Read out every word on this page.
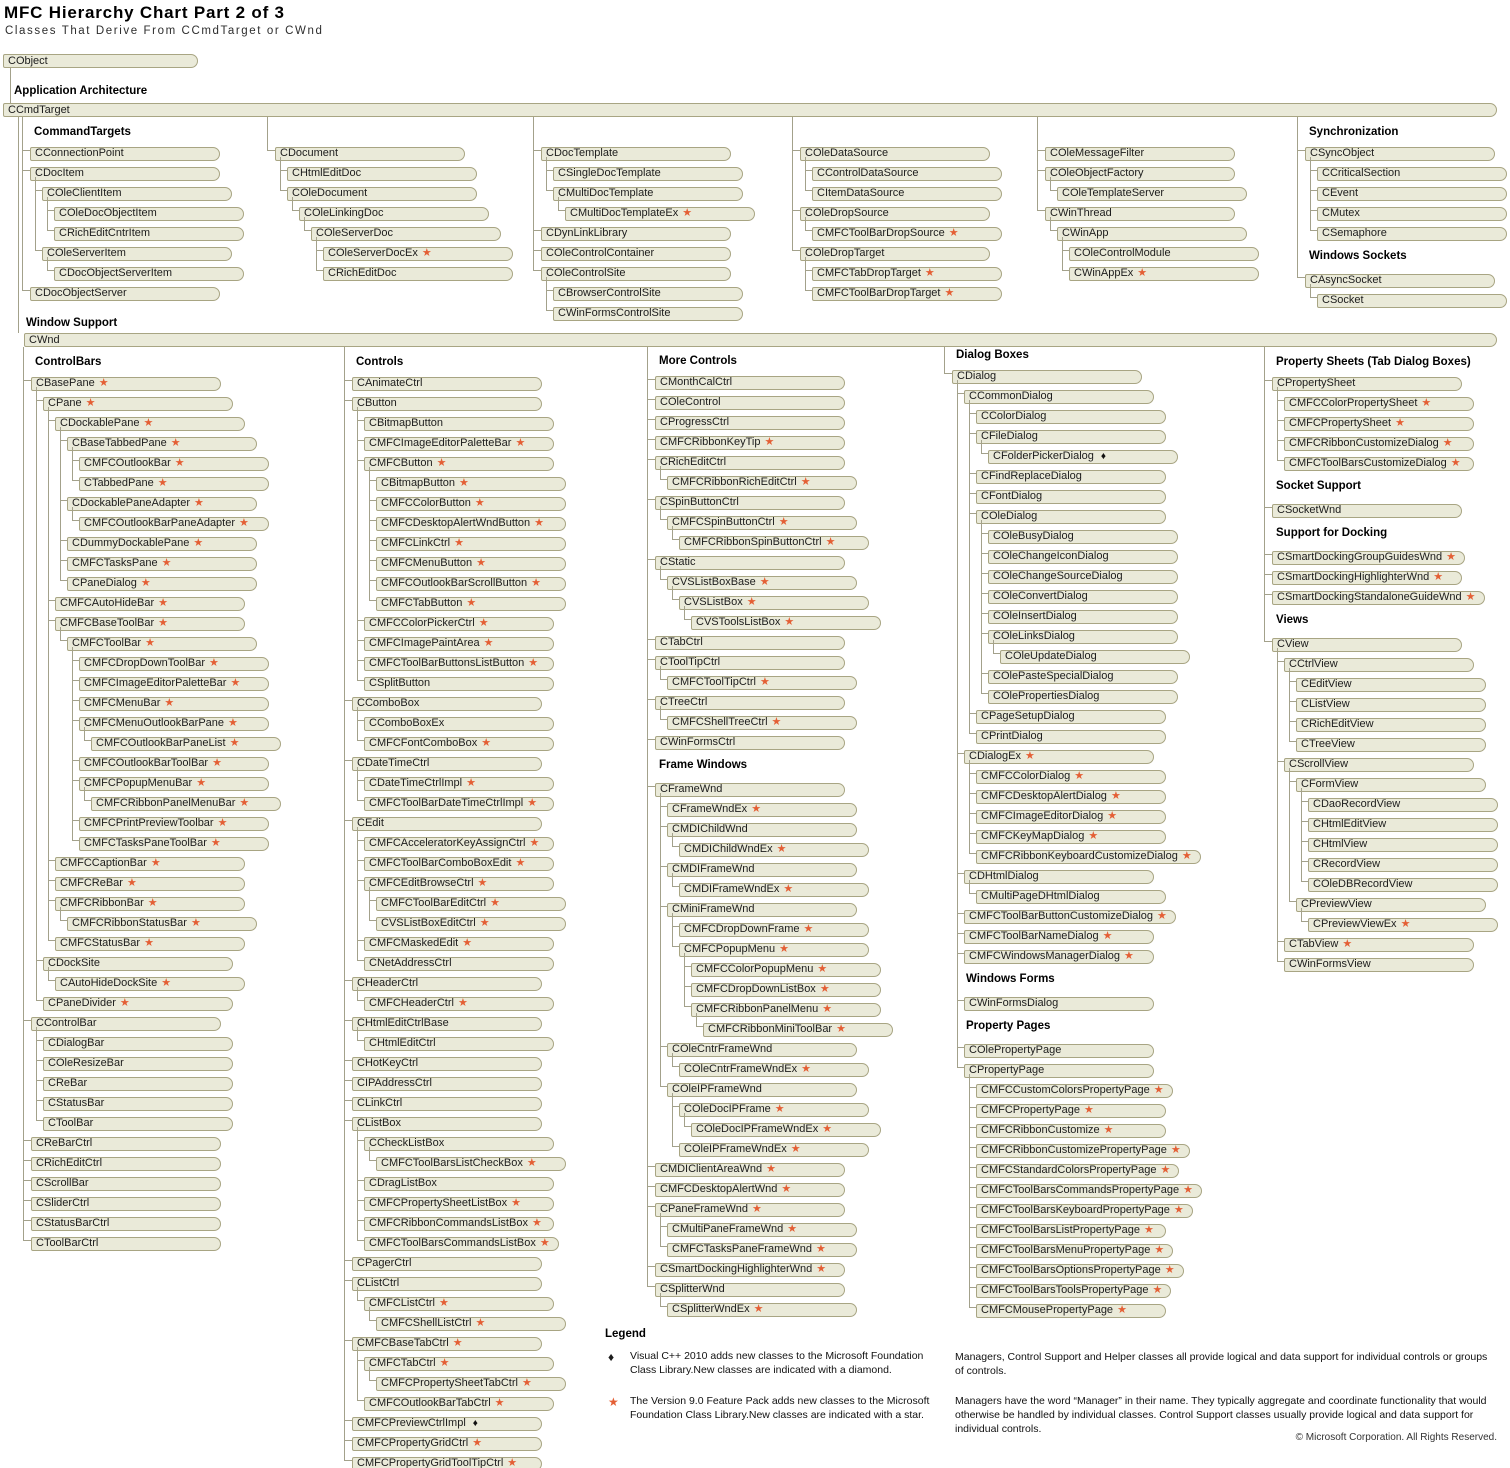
MFC Hierarchy Chart Part 2 of 3
Classes That Derive From CCmdTarget or CWnd
CObject
Application Architecture
CCmdTarget
Window Support
CWnd
CommandTargets
CConnectionPoint
CDocItem
COleClientItem
COleDocObjectItem
CRichEditCntrItem
COleServerItem
CDocObjectServerItem
CDocObjectServer
CDocument
CHtmlEditDoc
COleDocument
COleLinkingDoc
COleServerDoc
COleServerDocEx ★
CRichEditDoc
CDocTemplate
CSingleDocTemplate
CMultiDocTemplate
CMultiDocTemplateEx ★
CDynLinkLibrary
COleControlContainer
COleControlSite
CBrowserControlSite
CWinFormsControlSite
COleDataSource
CControlDataSource
CItemDataSource
COleDropSource
CMFCToolBarDropSource ★
COleDropTarget
CMFCTabDropTarget ★
CMFCToolBarDropTarget ★
COleMessageFilter
COleObjectFactory
COleTemplateServer
CWinThread
CWinApp
COleControlModule
CWinAppEx ★
Synchronization
CSyncObject
CCriticalSection
CEvent
CMutex
CSemaphore
Windows Sockets
CAsyncSocket
CSocket
ControlBars
CBasePane ★
CPane ★
CDockablePane ★
CBaseTabbedPane ★
CMFCOutlookBar ★
CTabbedPane ★
CDockablePaneAdapter ★
CMFCOutlookBarPaneAdapter ★
CDummyDockablePane ★
CMFCTasksPane ★
CPaneDialog ★
CMFCAutoHideBar ★
CMFCBaseToolBar ★
CMFCToolBar ★
CMFCDropDownToolBar ★
CMFCImageEditorPaletteBar ★
CMFCMenuBar ★
CMFCMenuOutlookBarPane ★
CMFCOutlookBarPaneList ★
CMFCOutlookBarToolBar ★
CMFCPopupMenuBar ★
CMFCRibbonPanelMenuBar ★
CMFCPrintPreviewToolbar ★
CMFCTasksPaneToolBar ★
CMFCCaptionBar ★
CMFCReBar ★
CMFCRibbonBar ★
CMFCRibbonStatusBar ★
CMFCStatusBar ★
CDockSite
CAutoHideDockSite ★
CPaneDivider ★
CControlBar
CDialogBar
COleResizeBar
CReBar
CStatusBar
CToolBar
CReBarCtrl
CRichEditCtrl
CScrollBar
CSliderCtrl
CStatusBarCtrl
CToolBarCtrl
Controls
CAnimateCtrl
CButton
CBitmapButton
CMFCImageEditorPaletteBar ★
CMFCButton ★
CBitmapButton ★
CMFCColorButton ★
CMFCDesktopAlertWndButton ★
CMFCLinkCtrl ★
CMFCMenuButton ★
CMFCOutlookBarScrollButton ★
CMFCTabButton ★
CMFCColorPickerCtrl ★
CMFCImagePaintArea ★
CMFCToolBarButtonsListButton ★
CSplitButton
CComboBox
CComboBoxEx
CMFCFontComboBox ★
CDateTimeCtrl
CDateTimeCtrlImpl ★
CMFCToolBarDateTimeCtrlImpl ★
CEdit
CMFCAcceleratorKeyAssignCtrl ★
CMFCToolBarComboBoxEdit ★
CMFCEditBrowseCtrl ★
CMFCToolBarEditCtrl ★
CVSListBoxEditCtrl ★
CMFCMaskedEdit ★
CNetAddressCtrl
CHeaderCtrl
CMFCHeaderCtrl ★
CHtmlEditCtrlBase
CHtmlEditCtrl
CHotKeyCtrl
CIPAddressCtrl
CLinkCtrl
CListBox
CCheckListBox
CMFCToolBarsListCheckBox ★
CDragListBox
CMFCPropertySheetListBox ★
CMFCRibbonCommandsListBox ★
CMFCToolBarsCommandsListBox ★
CPagerCtrl
CListCtrl
CMFCListCtrl ★
CMFCShellListCtrl ★
CMFCBaseTabCtrl ★
CMFCTabCtrl ★
CMFCPropertySheetTabCtrl ★
CMFCOutlookBarTabCtrl ★
CMFCPreviewCtrlImpl ♦
CMFCPropertyGridCtrl ★
CMFCPropertyGridToolTipCtrl ★
More Controls
CMonthCalCtrl
COleControl
CProgressCtrl
CMFCRibbonKeyTip ★
CRichEditCtrl
CMFCRibbonRichEditCtrl ★
CSpinButtonCtrl
CMFCSpinButtonCtrl ★
CMFCRibbonSpinButtonCtrl ★
CStatic
CVSListBoxBase ★
CVSListBox ★
CVSToolsListBox ★
CTabCtrl
CToolTipCtrl
CMFCToolTipCtrl ★
CTreeCtrl
CMFCShellTreeCtrl ★
CWinFormsCtrl
Frame Windows
CFrameWnd
CFrameWndEx ★
CMDIChildWnd
CMDIChildWndEx ★
CMDIFrameWnd
CMDIFrameWndEx ★
CMiniFrameWnd
CMFCDropDownFrame ★
CMFCPopupMenu ★
CMFCColorPopupMenu ★
CMFCDropDownListBox ★
CMFCRibbonPanelMenu ★
CMFCRibbonMiniToolBar ★
COleCntrFrameWnd
COleCntrFrameWndEx ★
COleIPFrameWnd
COleDocIPFrame ★
COleDocIPFrameWndEx ★
COleIPFrameWndEx ★
CMDIClientAreaWnd ★
CMFCDesktopAlertWnd ★
CPaneFrameWnd ★
CMultiPaneFrameWnd ★
CMFCTasksPaneFrameWnd ★
CSmartDockingHighlighterWnd ★
CSplitterWnd
CSplitterWndEx ★
Dialog Boxes
CDialog
CCommonDialog
CColorDialog
CFileDialog
CFolderPickerDialog ♦
CFindReplaceDialog
CFontDialog
COleDialog
COleBusyDialog
COleChangeIconDialog
COleChangeSourceDialog
COleConvertDialog
COleInsertDialog
COleLinksDialog
COleUpdateDialog
COlePasteSpecialDialog
COlePropertiesDialog
CPageSetupDialog
CPrintDialog
CDialogEx ★
CMFCColorDialog ★
CMFCDesktopAlertDialog ★
CMFCImageEditorDialog ★
CMFCKeyMapDialog ★
CMFCRibbonKeyboardCustomizeDialog ★
CDHtmlDialog
CMultiPageDHtmlDialog
CMFCToolBarButtonCustomizeDialog ★
CMFCToolBarNameDialog ★
CMFCWindowsManagerDialog ★
Windows Forms
CWinFormsDialog
Property Pages
COlePropertyPage
CPropertyPage
CMFCCustomColorsPropertyPage ★
CMFCPropertyPage ★
CMFCRibbonCustomize ★
CMFCRibbonCustomizePropertyPage ★
CMFCStandardColorsPropertyPage ★
CMFCToolBarsCommandsPropertyPage ★
CMFCToolBarsKeyboardPropertyPage ★
CMFCToolBarsListPropertyPage ★
CMFCToolBarsMenuPropertyPage ★
CMFCToolBarsOptionsPropertyPage ★
CMFCToolBarsToolsPropertyPage ★
CMFCMousePropertyPage ★
Property Sheets (Tab Dialog Boxes)
CPropertySheet
CMFCColorPropertySheet ★
CMFCPropertySheet ★
CMFCRibbonCustomizeDialog ★
CMFCToolBarsCustomizeDialog ★
Socket Support
CSocketWnd
Support for Docking
CSmartDockingGroupGuidesWnd ★
CSmartDockingHighlighterWnd ★
CSmartDockingStandaloneGuideWnd ★
Views
CView
CCtrlView
CEditView
CListView
CRichEditView
CTreeView
CScrollView
CFormView
CDaoRecordView
CHtmlEditView
CHtmlView
CRecordView
COleDBRecordView
CPreviewView
CPreviewViewEx ★
CTabView ★
CWinFormsView
Legend
♦	Visual C++ 2010 adds new classes to the Microsoft Foundation Class Library.New classes are indicated with a diamond.
★	The Version 9.0 Feature Pack adds new classes to the Microsoft Foundation Class Library.New classes are indicated with a star.
Managers, Control Support and Helper classes all provide logical and data support for individual controls or groups of controls.
Managers have the word “Manager” in their name. They typically aggregate and coordinate functionality that would otherwise be handled by individual classes. Control Support classes usually provide logical and data support for individual controls.
© Microsoft Corporation. All Rights Reserved.
